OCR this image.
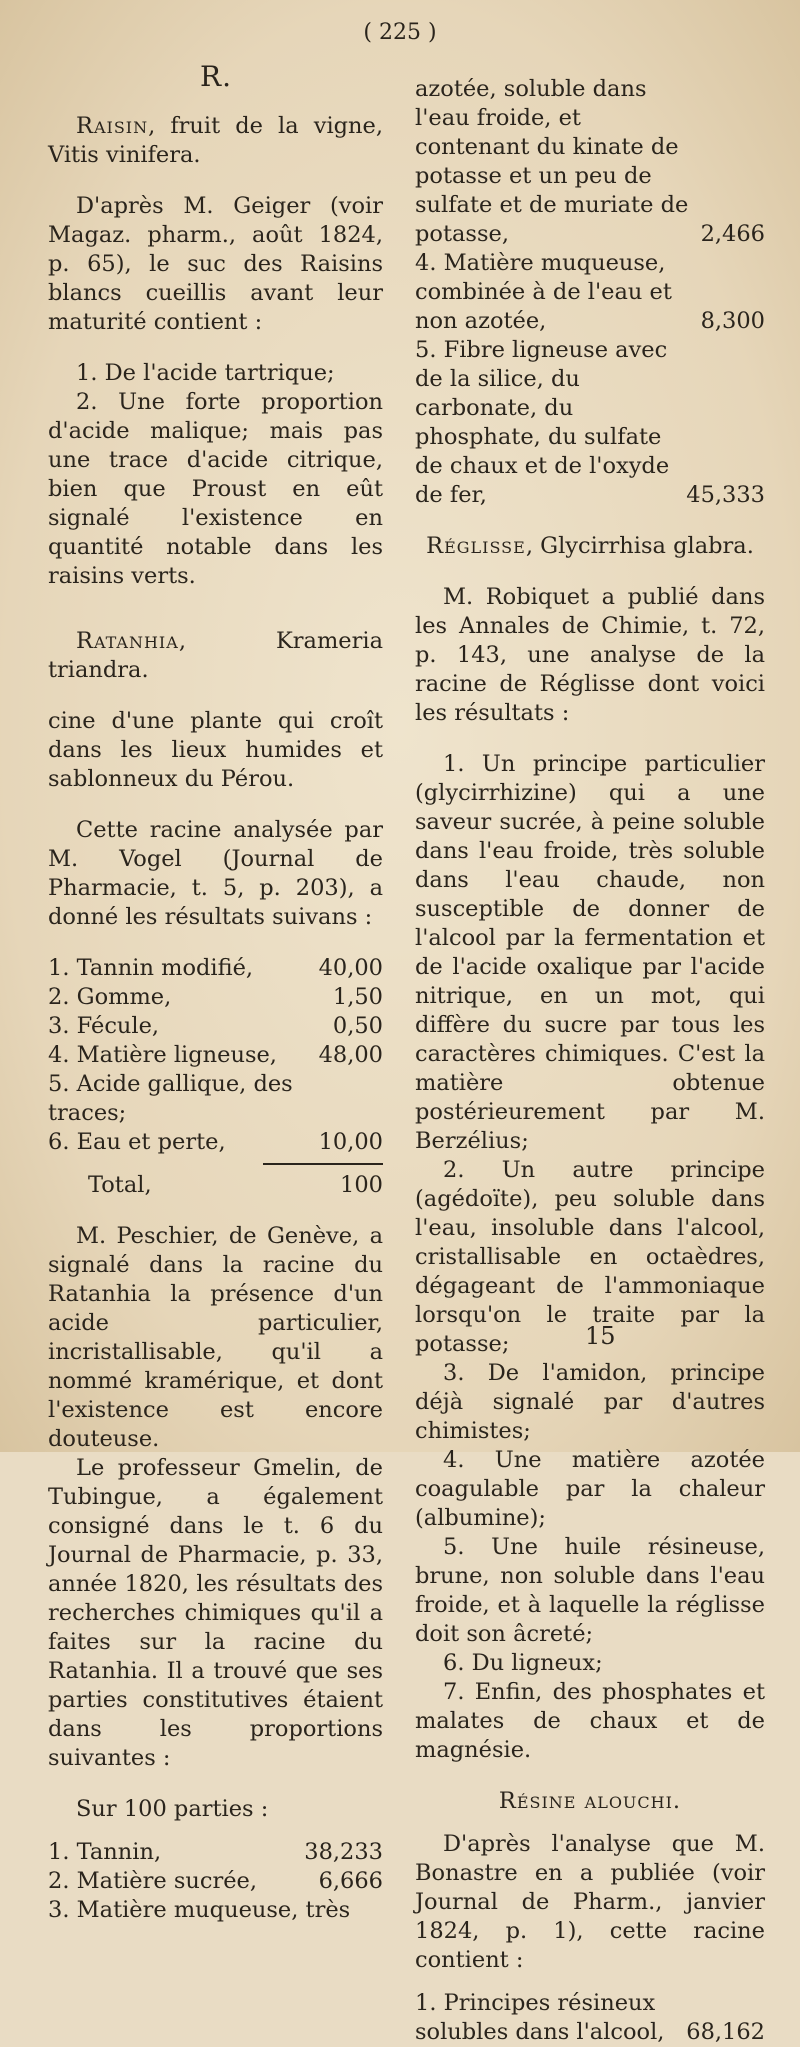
( 225 )
R.

Raisin, fruit de la vigne, Vitis vinifera.

D'après M. Geiger (voir Magaz. pharm., août 1824, p. 65), le suc des Raisins blancs cueillis avant leur maturité contient :

1. De l'acide tartrique;

2. Une forte proportion d'acide malique; mais pas une trace d'acide citrique, bien que Proust en eût signalé l'existence en quantité notable dans les raisins verts.

Ratanhia, Krameria triandra.

cine d'une plante qui croît dans les lieux humides et sablonneux du Pérou.

Cette racine analysée par M. Vogel (Journal de Pharmacie, t. 5, p. 203), a donné les résultats suivans :

1. Tannin modifié,	40,00
2. Gomme,	1,50
3. Fécule,	0,50
4. Matière ligneuse, 48,00
5. Acide gallique, des traces;
6. Eau et perte,	10,00
Total,	100

M. Peschier, de Genève, a signalé dans la racine du Ratanhia la présence d'un acide particulier, incristallisable, qu'il a nommé kramérique, et dont l'existence est encore douteuse.

Le professeur Gmelin, de Tubingue, a également consigné dans le t. 6 du Journal de Pharmacie, p. 33, année 1820, les résultats des recherches chimiques qu'il a faites sur la racine du Ratanhia. Il a trouvé que ses parties constitutives étaient dans les proportions suivantes :

Sur 100 parties :

1. Tannin,	38,233
2. Matière sucrée,	6,666
3. Matière muqueuse, très
azotée, soluble dans l'eau froide, et contenant du kinate de potasse et un peu de sulfate et de muriate de potasse,	2,466
4. Matière muqueuse, combinée à de l'eau et non azotée,	8,300
5. Fibre ligneuse avec de la silice, du carbonate, du phosphate, du sulfate de chaux et de l'oxyde de fer,	45,333

Réglisse, Glycirrhisa glabra.

M. Robiquet a publié dans les Annales de Chimie, t. 72, p. 143, une analyse de la racine de Réglisse dont voici les résultats :

1. Un principe particulier (glycirrhizine) qui a une saveur sucrée, à peine soluble dans l'eau froide, très soluble dans l'eau chaude, non susceptible de donner de l'alcool par la fermentation et de l'acide oxalique par l'acide nitrique, en un mot, qui diffère du sucre par tous les caractères chimiques. C'est la matière obtenue postérieurement par M. Berzélius;

2. Un autre principe (agédoïte), peu soluble dans l'eau, insoluble dans l'alcool, cristallisable en octaèdres, dégageant de l'ammoniaque lorsqu'on le traite par la potasse;

3. De l'amidon, principe déjà signalé par d'autres chimistes;

4. Une matière azotée coagulable par la chaleur (albumine);

5. Une huile résineuse, brune, non soluble dans l'eau froide, et à laquelle la réglisse doit son âcreté;

6. Du ligneux;

7. Enfin, des phosphates et malates de chaux et de magnésie.

Résine alouchi.

D'après l'analyse que M. Bonastre en a publiée (voir Journal de Pharm., janvier 1824, p. 1), cette racine contient :

1. Principes résineux solubles dans l'alcool, 68,162
15
